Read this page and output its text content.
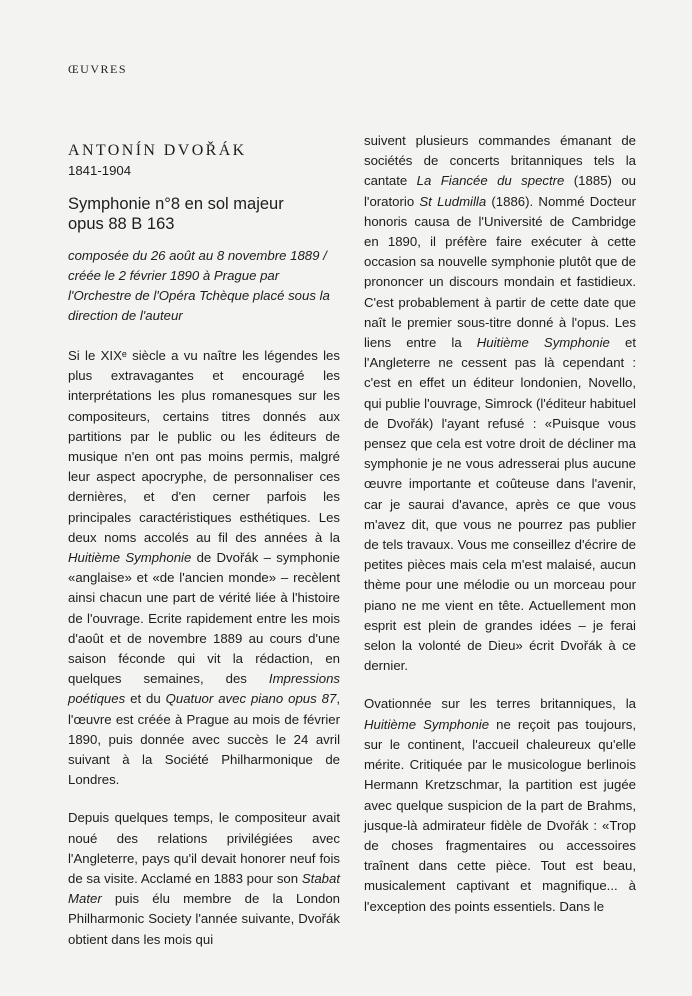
ŒUVRES
ANTONÍN DVOŘÁK

1841-1904

Symphonie n°8 en sol majeur
opus 88 B 163

composée du 26 août au 8 novembre 1889 / créée le 2 février 1890 à Prague par l'Orchestre de l'Opéra Tchèque placé sous la direction de l'auteur

Si le XIXᵉ siècle a vu naître les légendes les plus extravagantes et encouragé les interprétations les plus romanesques sur les compositeurs, certains titres donnés aux partitions par le public ou les éditeurs de musique n'en ont pas moins permis, malgré leur aspect apocryphe, de personnaliser ces dernières, et d'en cerner parfois les principales caractéristiques esthétiques. Les deux noms accolés au fil des années à la Huitième Symphonie de Dvořák – symphonie «anglaise» et «de l'ancien monde» – recèlent ainsi chacun une part de vérité liée à l'histoire de l'ouvrage. Ecrite rapidement entre les mois d'août et de novembre 1889 au cours d'une saison féconde qui vit la rédaction, en quelques semaines, des Impressions poétiques et du Quatuor avec piano opus 87, l'œuvre est créée à Prague au mois de février 1890, puis donnée avec succès le 24 avril suivant à la Société Philharmonique de Londres.

Depuis quelques temps, le compositeur avait noué des relations privilégiées avec l'Angleterre, pays qu'il devait honorer neuf fois de sa visite. Acclamé en 1883 pour son Stabat Mater puis élu membre de la London Philharmonic Society l'année suivante, Dvořák obtient dans les mois qui

suivent plusieurs commandes émanant de sociétés de concerts britanniques tels la cantate La Fiancée du spectre (1885) ou l'oratorio St Ludmilla (1886). Nommé Docteur honoris causa de l'Université de Cambridge en 1890, il préfère faire exécuter à cette occasion sa nouvelle symphonie plutôt que de prononcer un discours mondain et fastidieux. C'est probablement à partir de cette date que naît le premier sous-titre donné à l'opus. Les liens entre la Huitième Symphonie et l'Angleterre ne cessent pas là cependant : c'est en effet un éditeur londonien, Novello, qui publie l'ouvrage, Simrock (l'éditeur habituel de Dvořák) l'ayant refusé : «Puisque vous pensez que cela est votre droit de décliner ma symphonie je ne vous adresserai plus aucune œuvre importante et coûteuse dans l'avenir, car je saurai d'avance, après ce que vous m'avez dit, que vous ne pourrez pas publier de tels travaux. Vous me conseillez d'écrire de petites pièces mais cela m'est malaisé, aucun thème pour une mélodie ou un morceau pour piano ne me vient en tête. Actuellement mon esprit est plein de grandes idées – je ferai selon la volonté de Dieu» écrit Dvořák à ce dernier.

Ovationnée sur les terres britanniques, la Huitième Symphonie ne reçoit pas toujours, sur le continent, l'accueil chaleureux qu'elle mérite. Critiquée par le musicologue berlinois Hermann Kretzschmar, la partition est jugée avec quelque suspicion de la part de Brahms, jusque-là admirateur fidèle de Dvořák : «Trop de choses fragmentaires ou accessoires traînent dans cette pièce. Tout est beau, musicalement captivant et magnifique... à l'exception des points essentiels. Dans le
